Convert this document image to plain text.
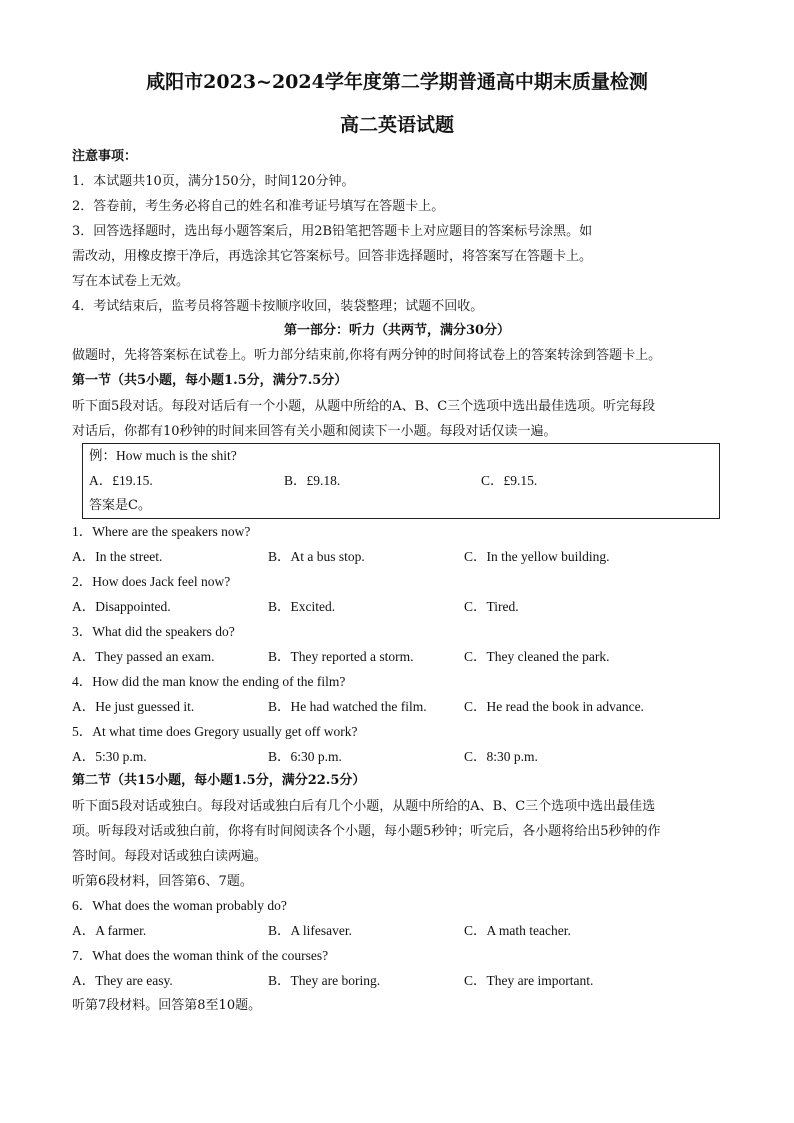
咸阳市2023~2024学年度第二学期普通高中期末质量检测
高二英语试题
注意事项：
1．本试题共10页，满分150分，时间120分钟。
2．答卷前，考生务必将自己的姓名和准考证号填写在答题卡上。
3．回答选择题时，选出每小题答案后，用2B铅笔把答题卡上对应题目的答案标号涂黑。如
需改动，用橡皮擦干净后，再选涂其它答案标号。回答非选择题时，将答案写在答题卡上。
写在本试卷上无效。
4．考试结束后，监考员将答题卡按顺序收回，装袋整理；试题不回收。
第一部分：听力（共两节，满分30分）
做题时，先将答案标在试卷上。听力部分结束前,你将有两分钟的时间将试卷上的答案转涂到答题卡上。
第一节（共5小题，每小题1.5分，满分7.5分）
听下面5段对话。每段对话后有一个小题，从题中所给的A、B、C三个选项中选出最佳选项。听完每段
对话后，你都有10秒钟的时间来回答有关小题和阅读下一小题。每段对话仅读一遍。
例：How much is the shit?
A．£19.15.	B．£9.18.	C．£9.15.
答案是C。
1．Where are the speakers now?
A．In the street.	B．At a bus stop.	C．In the yellow building.
2．How does Jack feel now?
A．Disappointed.	B．Excited.	C．Tired.
3．What did the speakers do?
A．They passed an exam.	B．They reported a storm.	C．They cleaned the park.
4．How did the man know the ending of the film?
A．He just guessed it.	B．He had watched the film.	C．He read the book in advance.
5．At what time does Gregory usually get off work?
A．5:30 p.m.	B．6:30 p.m.	C．8:30 p.m.
第二节（共15小题，每小题1.5分，满分22.5分）
听下面5段对话或独白。每段对话或独白后有几个小题，从题中所给的A、B、C三个选项中选出最佳选
项。听每段对话或独白前，你将有时间阅读各个小题，每小题5秒钟；听完后，各小题将给出5秒钟的作
答时间。每段对话或独白读两遍。
听第6段材料，回答第6、7题。
6．What does the woman probably do?
A．A farmer.	B．A lifesaver.	C．A math teacher.
7．What does the woman think of the courses?
A．They are easy.	B．They are boring.	C．They are important.
听第7段材料。回答第8至10题。
